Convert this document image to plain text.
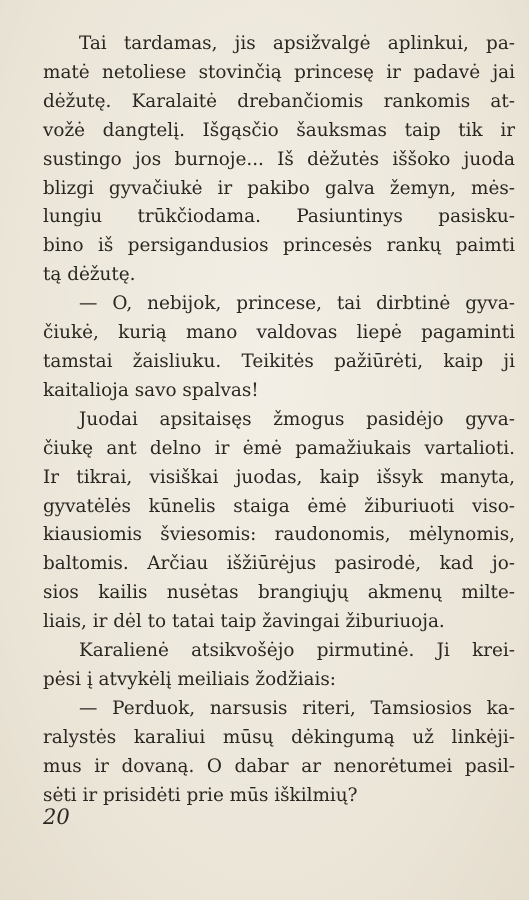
Tai tardamas, jis apsižvalgė aplinkui, pa-
matė netoliese stovinčią princesę ir padavė jai
dėžutę. Karalaitė drebančiomis rankomis at-
vožė dangtelį. Išgąsčio šauksmas taip tik ir
sustingo jos burnoje... Iš dėžutės iššoko juoda
blizgi gyvačiukė ir pakibo galva žemyn, mės-
lungiu trūkčiodama. Pasiuntinys pasisku-
bino iš persigandusios princesės rankų paimti
tą dėžutę.

— O, nebijok, princese, tai dirbtinė gyva-
čiukė, kurią mano valdovas liepė pagaminti
tamstai žaisliuku. Teikitės pažiūrėti, kaip ji
kaitalioja savo spalvas!

Juodai apsitaisęs žmogus pasidėjo gyva-
čiukę ant delno ir ėmė pamažiukais vartalioti.
Ir tikrai, visiškai juodas, kaip išsyk manyta,
gyvatėlės kūnelis staiga ėmė žiburiuoti viso-
kiausiomis šviesomis: raudonomis, mėlynomis,
baltomis. Arčiau išžiūrėjus pasirodė, kad jo-
sios kailis nusėtas brangiųjų akmenų milte-
liais, ir dėl to tatai taip žavingai žiburiuoja.

Karalienė atsikvošėjo pirmutinė. Ji krei-
pėsi į atvykėlį meiliais žodžiais:

— Perduok, narsusis riteri, Tamsiosios ka-
ralystės karaliui mūsų dėkingumą už linkėji-
mus ir dovaną. O dabar ar nenorėtumei pasil-
sėti ir prisidėti prie mūs iškilmių?

20
